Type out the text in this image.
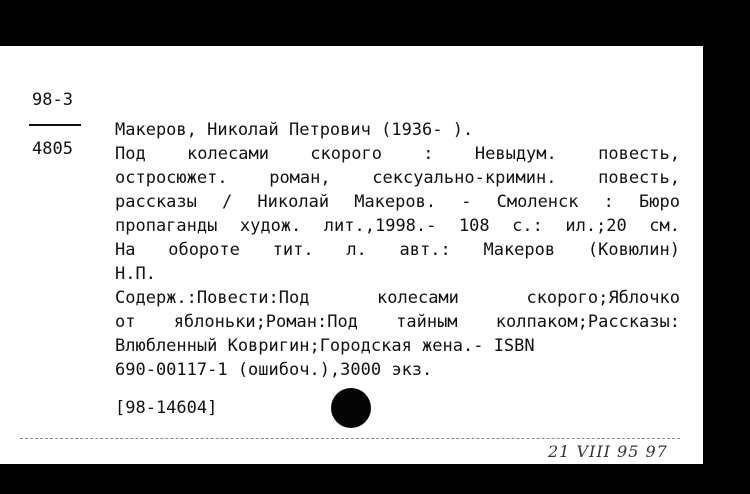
98-3
4805
Макеров, Николай Петрович (1936- ).
Под колесами скорого : Невыдум. повесть,
остросюжет. роман, сексуально-кримин. повесть,
рассказы / Николай Макеров. - Смоленск : Бюро
пропаганды худож. лит.,1998.- 108 с.: ил.;20 см.
На обороте тит. л. авт.: Макеров (Ковюлин)
Н.П.
Содерж.:Повести:Под колесами скорого;Яблочко
от яблоньки;Роман:Под тайным колпаком;Рассказы:
Влюбленный Ковригин;Городская жена.- ISBN
690-00117-1 (ошибоч.),3000 экз.
[98-14604]
21 VIII 95 97
